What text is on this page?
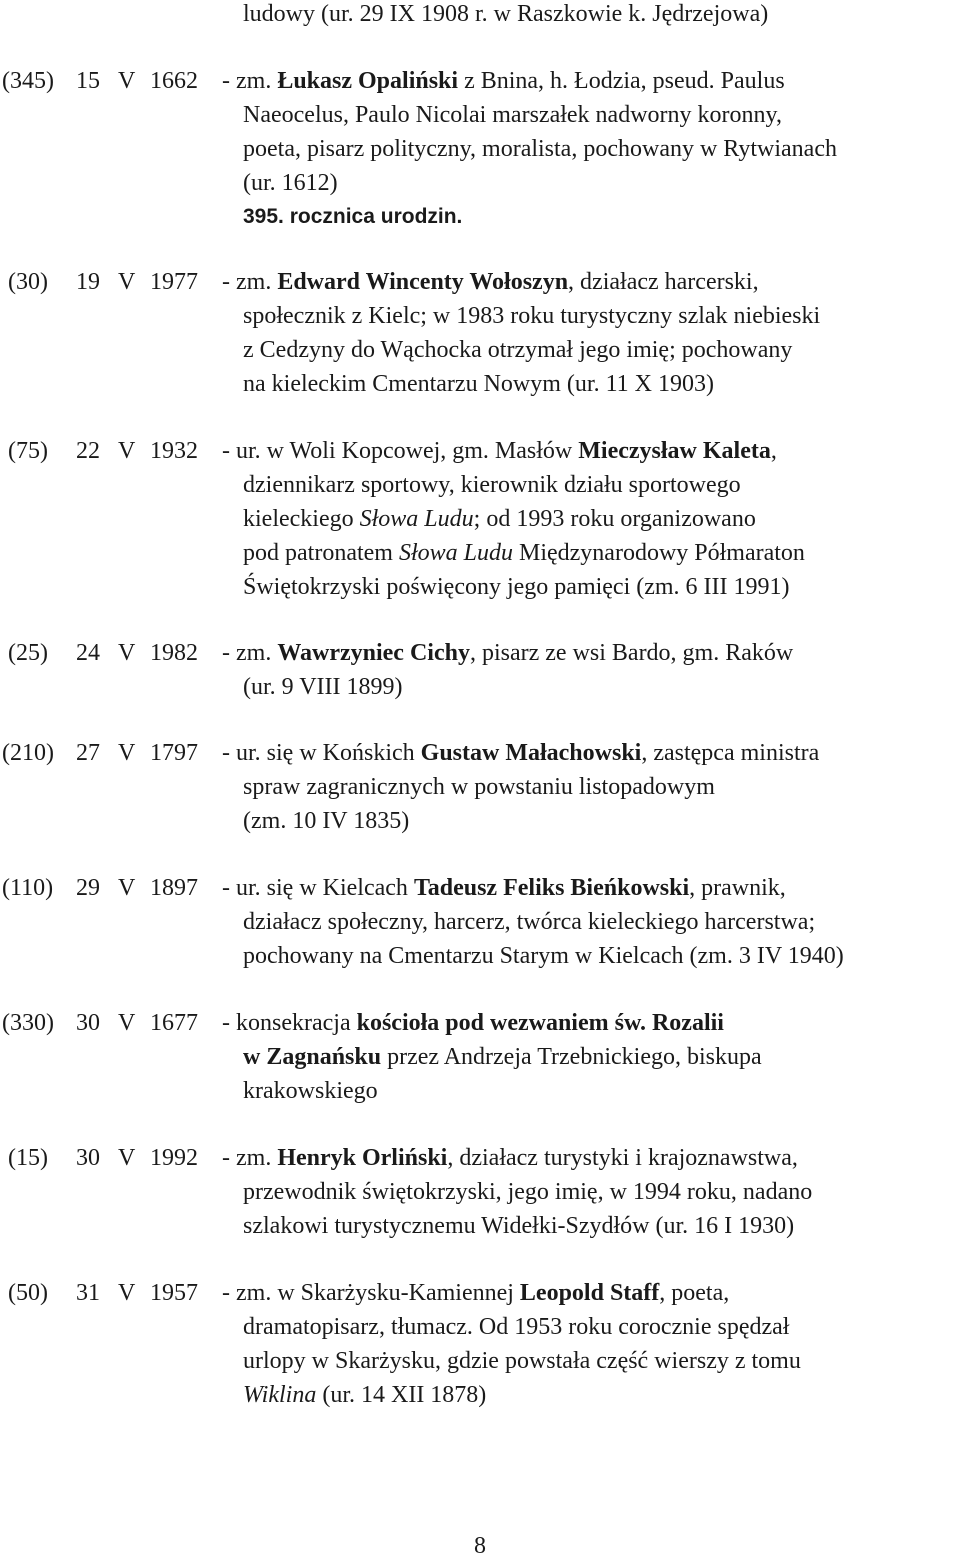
ludowy (ur. 29 IX 1908 r. w Raszkowie k. Jędrzejowa)
(345) 15 V 1662 - zm. Łukasz Opaliński z Bnina, h. Łodzia, pseud. Paulus
Naeocelus, Paulo Nicolai marszałek nadworny koronny,
poeta, pisarz polityczny, moralista, pochowany w Rytwianach
(ur. 1612)
395. rocznica urodzin.
(30) 19 V 1977 - zm. Edward Wincenty Wołoszyn, działacz harcerski,
społecznik z Kielc; w 1983 roku turystyczny szlak niebieski
z Cedzyny do Wąchocka otrzymał jego imię; pochowany
na kieleckim Cmentarzu Nowym (ur. 11 X 1903)
(75) 22 V 1932 - ur. w Woli Kopcowej, gm. Masłów Mieczysław Kaleta,
dziennikarz sportowy, kierownik działu sportowego
kieleckiego Słowa Ludu; od 1993 roku organizowano
pod patronatem Słowa Ludu Międzynarodowy Półmaraton
Świętokrzyski poświęcony jego pamięci (zm. 6 III 1991)
(25) 24 V 1982 - zm. Wawrzyniec Cichy, pisarz ze wsi Bardo, gm. Raków
(ur. 9 VIII 1899)
(210) 27 V 1797 - ur. się w Końskich Gustaw Małachowski, zastępca ministra
spraw zagranicznych w powstaniu listopadowym
(zm. 10 IV 1835)
(110) 29 V 1897 - ur. się w Kielcach Tadeusz Feliks Bieńkowski, prawnik,
działacz społeczny, harcerz, twórca kieleckiego harcerstwa;
pochowany na Cmentarzu Starym w Kielcach (zm. 3 IV 1940)
(330) 30 V 1677 - konsekracja kościoła pod wezwaniem św. Rozalii
w Zagnańsku przez Andrzeja Trzebnickiego, biskupa
krakowskiego
(15) 30 V 1992 - zm. Henryk Orliński, działacz turystyki i krajoznawstwa,
przewodnik świętokrzyski, jego imię, w 1994 roku, nadano
szlakowi turystycznemu Widełki-Szydłów (ur. 16 I 1930)
(50) 31 V 1957 - zm. w Skarżysku-Kamiennej Leopold Staff, poeta,
dramatopisarz, tłumacz. Od 1953 roku corocznie spędzał
urlopy w Skarżysku, gdzie powstała część wierszy z tomu
Wiklina (ur. 14 XII 1878)
8
